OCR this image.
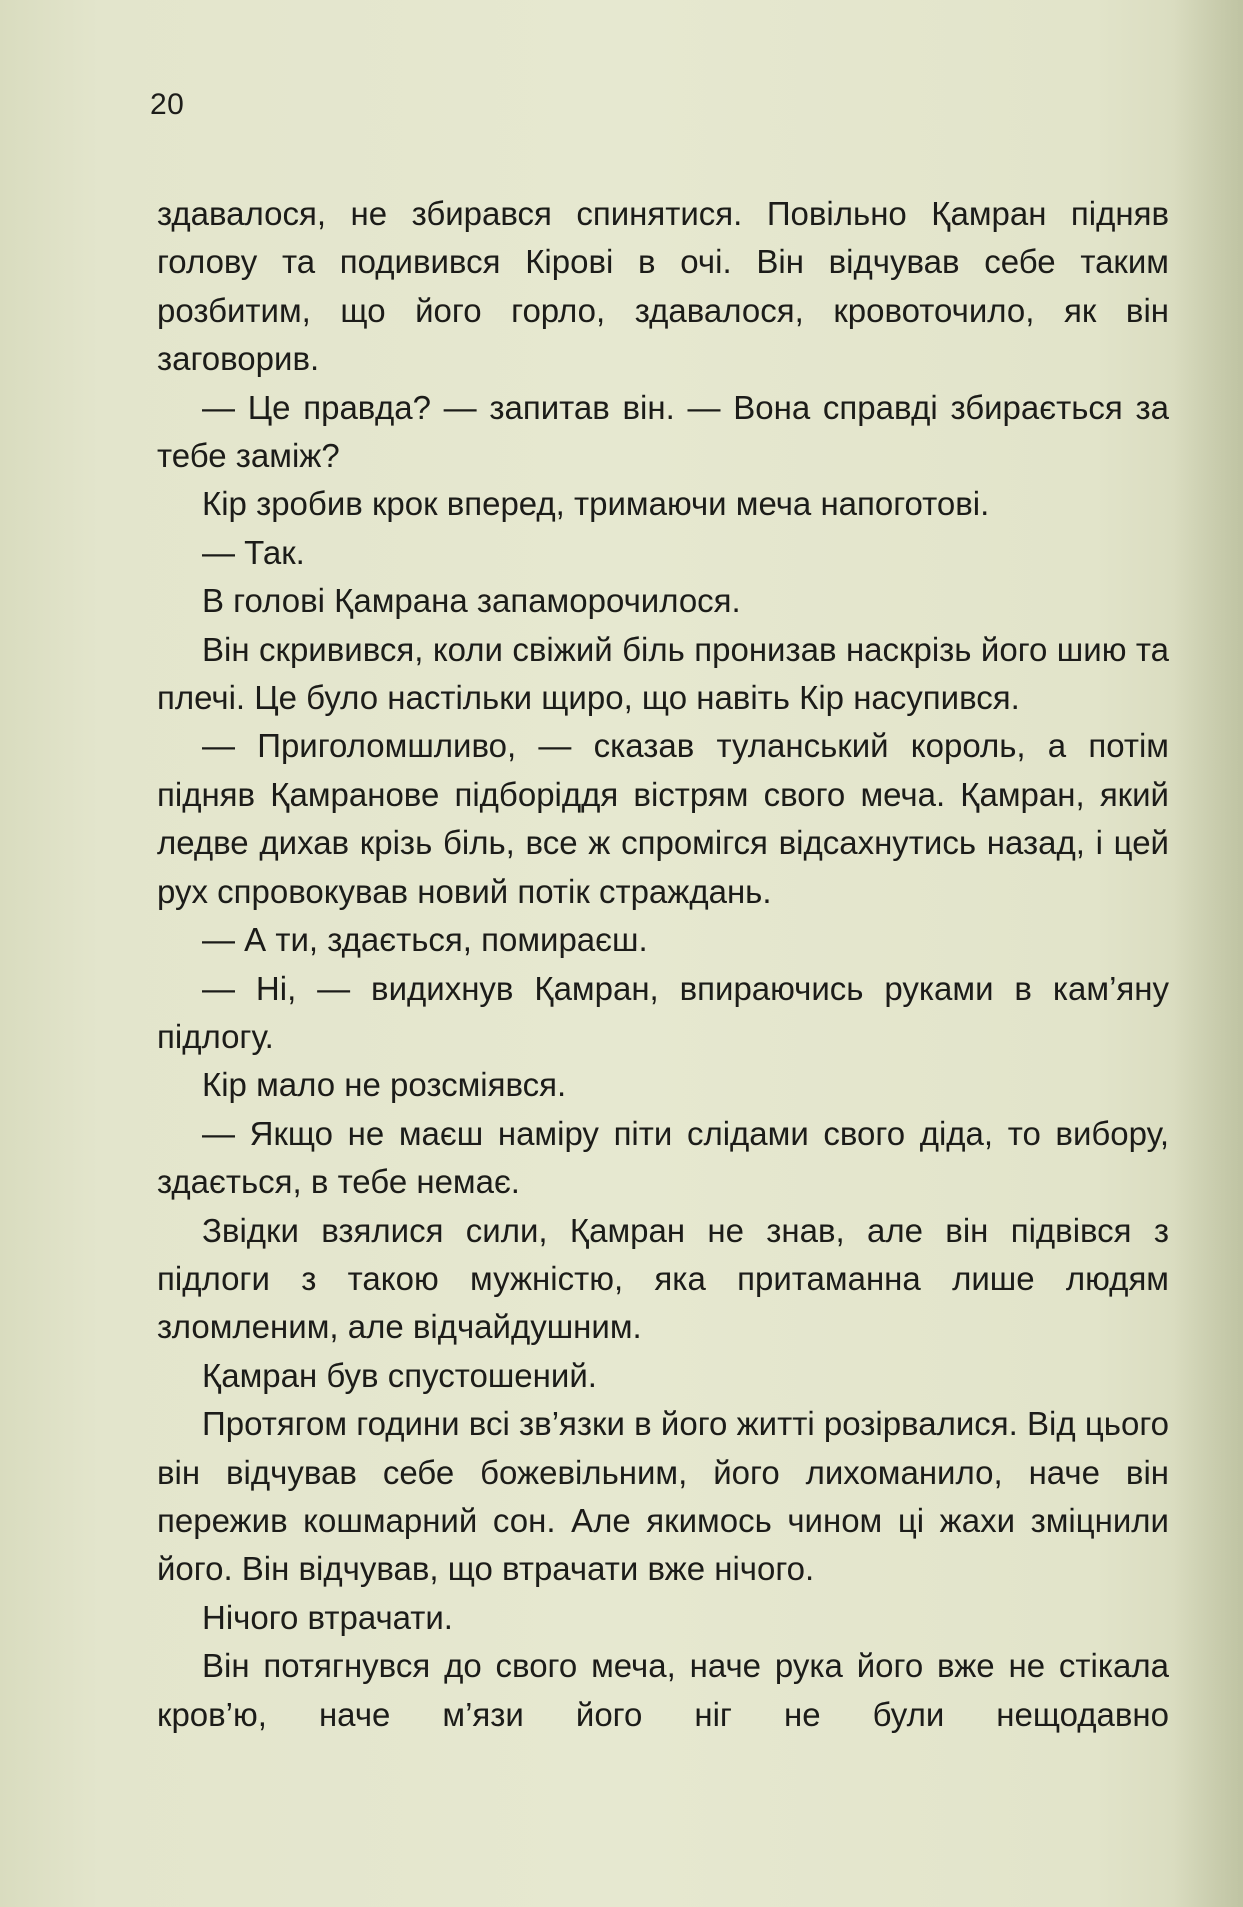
20

здавалося, не збирався спинятися. Повільно Қамран підняв голову та подивився Кірові в очі. Він відчував себе таким розбитим, що його горло, здавалося, кровоточило, як він заговорив.

— Це правда? — запитав він. — Вона справді збирається за тебе заміж?

Кір зробив крок вперед, тримаючи меча напоготові.

— Так.

В голові Қамрана запаморочилося.

Він скривився, коли свіжий біль пронизав наскрізь його шию та плечі. Це було настільки щиро, що навіть Кір насупився.

— Приголомшливо, — сказав туланський король, а потім підняв Қамранове підборіддя вістрям свого меча. Қамран, який ледве дихав крізь біль, все ж спромігся відсахнутись назад, і цей рух спровокував новий потік страждань.

— А ти, здається, помираєш.

— Ні, — видихнув Қамран, впираючись руками в кам’яну підлогу.

Кір мало не розсміявся.

— Якщо не маєш наміру піти слідами свого діда, то вибору, здається, в тебе немає.

Звідки взялися сили, Қамран не знав, але він підвівся з підлоги з такою мужністю, яка притаманна лише людям зломленим, але відчайдушним.

Қамран був спустошений.

Протягом години всі зв’язки в його житті розірвалися. Від цього він відчував себе божевільним, його лихоманило, наче він пережив кошмарний сон. Але якимось чином ці жахи зміцнили його. Він відчував, що втрачати вже нічого.

Нічого втрачати.

Він потягнувся до свого меча, наче рука його вже не стікала кров’ю, наче м’язи його ніг не були нещодавно
